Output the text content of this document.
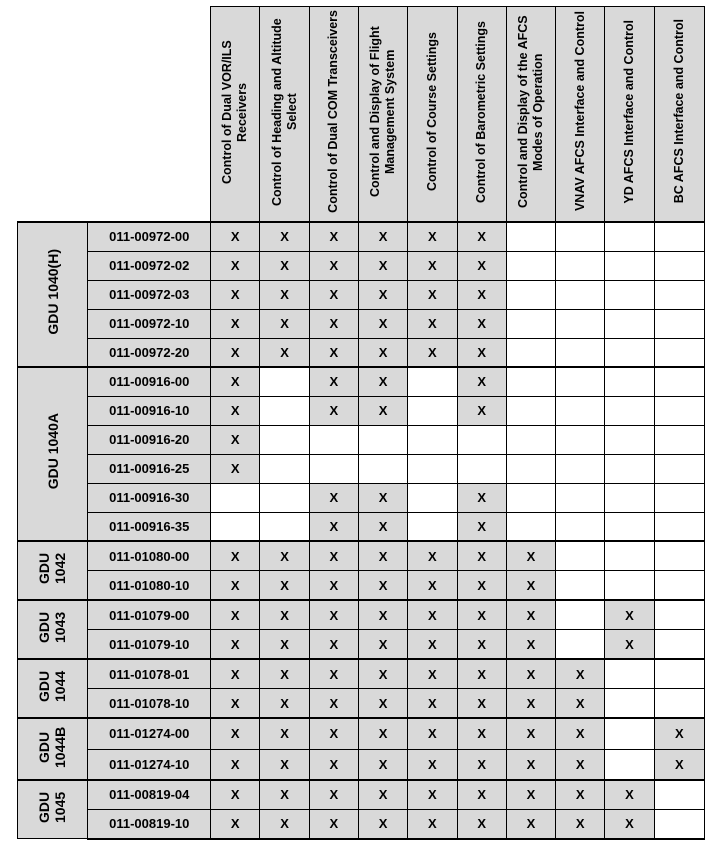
		Control of Dual VOR/ILS Receivers	Control of Heading and Altitude Select	Control of Dual COM Transceivers	Control and Display of Flight Management System	Control of Course Settings	Control of Barometric Settings	Control and Display of the AFCS Modes of Operation	VNAV AFCS Interface and Control	YD AFCS Interface and Control	BC AFCS Interface and Control
GDU 1040(H)	011-00972-00	X	X	X	X	X	X				
	011-00972-02	X	X	X	X	X	X				
	011-00972-03	X	X	X	X	X	X				
	011-00972-10	X	X	X	X	X	X				
	011-00972-20	X	X	X	X	X	X				
GDU 1040A	011-00916-00	X		X	X		X				
	011-00916-10	X		X	X		X				
	011-00916-20	X									
	011-00916-25	X									
	011-00916-30			X	X		X				
	011-00916-35			X	X		X				
GDU 1042	011-01080-00	X	X	X	X	X	X	X			
	011-01080-10	X	X	X	X	X	X	X			
GDU 1043	011-01079-00	X	X	X	X	X	X	X		X	
	011-01079-10	X	X	X	X	X	X	X		X	
GDU 1044	011-01078-01	X	X	X	X	X	X	X	X		
	011-01078-10	X	X	X	X	X	X	X	X		
GDU 1044B	011-01274-00	X	X	X	X	X	X	X	X		X
	011-01274-10	X	X	X	X	X	X	X	X		X
GDU 1045	011-00819-04	X	X	X	X	X	X	X	X	X	
	011-00819-10	X	X	X	X	X	X	X	X	X	
